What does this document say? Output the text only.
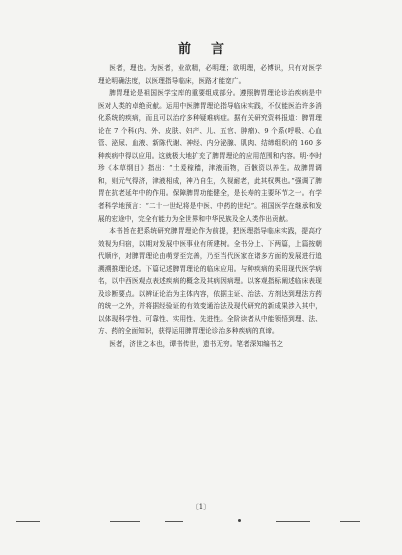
前 言

医者，理也。为医者，业欲精，必明理；欲明理，必博识，只有对医学理论明确法度，以医理指导临床，医路才能宽广。

脾胃理论是祖国医学宝库的重要组成部分。遵照脾胃理论诊治疾病是中医对人类的卓绝贡献。运用中医脾胃理论指导临床实践，不仅能医治许多消化系统的疾病，而且可以治疗多种疑难病症。据有关研究资料报道：脾胃理论在 7 个科(内、外、皮肤、妇产、儿、五官、肿瘤)、9 个系(呼吸、心血管、泌尿、血液、新陈代谢、神经、内分泌腺、肌肉、结缔组织)的 160 多种疾病中得以应用。这就极大地扩充了脾胃理论的应用范围和内容。明·李时珍《本草纲目》指出：“土爰稼穑，津液而物，百骸资以养生。故脾胃调和，则元气得济，津液相成，神乃自生，久视耐老，此其权舆也。”强调了脾胃在抗老延年中的作用。保障脾胃功能健全，是长寿的主要环节之一。有学者科学地预言：“二十一世纪将是中医、中药的世纪”。祖国医学在继承和发展的宏途中，完全有能力为全世界和中华民族及全人类作出贡献。

本书旨在把系统研究脾胃理论作为前提，把医理指导临床实践，提高疗效视为归宿，以期对发展中医事业有所建树。全书分上、下两篇，上篇按朝代顺序，对脾胃理论由萌芽至完善，乃至当代医家在诸多方面的发展进行追溯溯推理论述。下篇记述脾胃理论的临床应用。与种疾病的采用现代医学病名，以中西医观点表述疾病的概念及其病因病理。以客观指标阐述临床表现及诊断要点。以辨证论治为主体内容，依据主证、治法、方剂达到理法方药的统一之外，并将据经验证的有效变通治法及现代研究的新成果涉入其中，以体现科学性、可靠性、实用性、先进性。全阶读者从中能领悟到理、法、方、药的全面知识，获得运用脾胃理论诊治多种疾病的真谛。

医者，济世之本也，谭书传世，遗书无穷。笔者深知编书之

〔1〕
